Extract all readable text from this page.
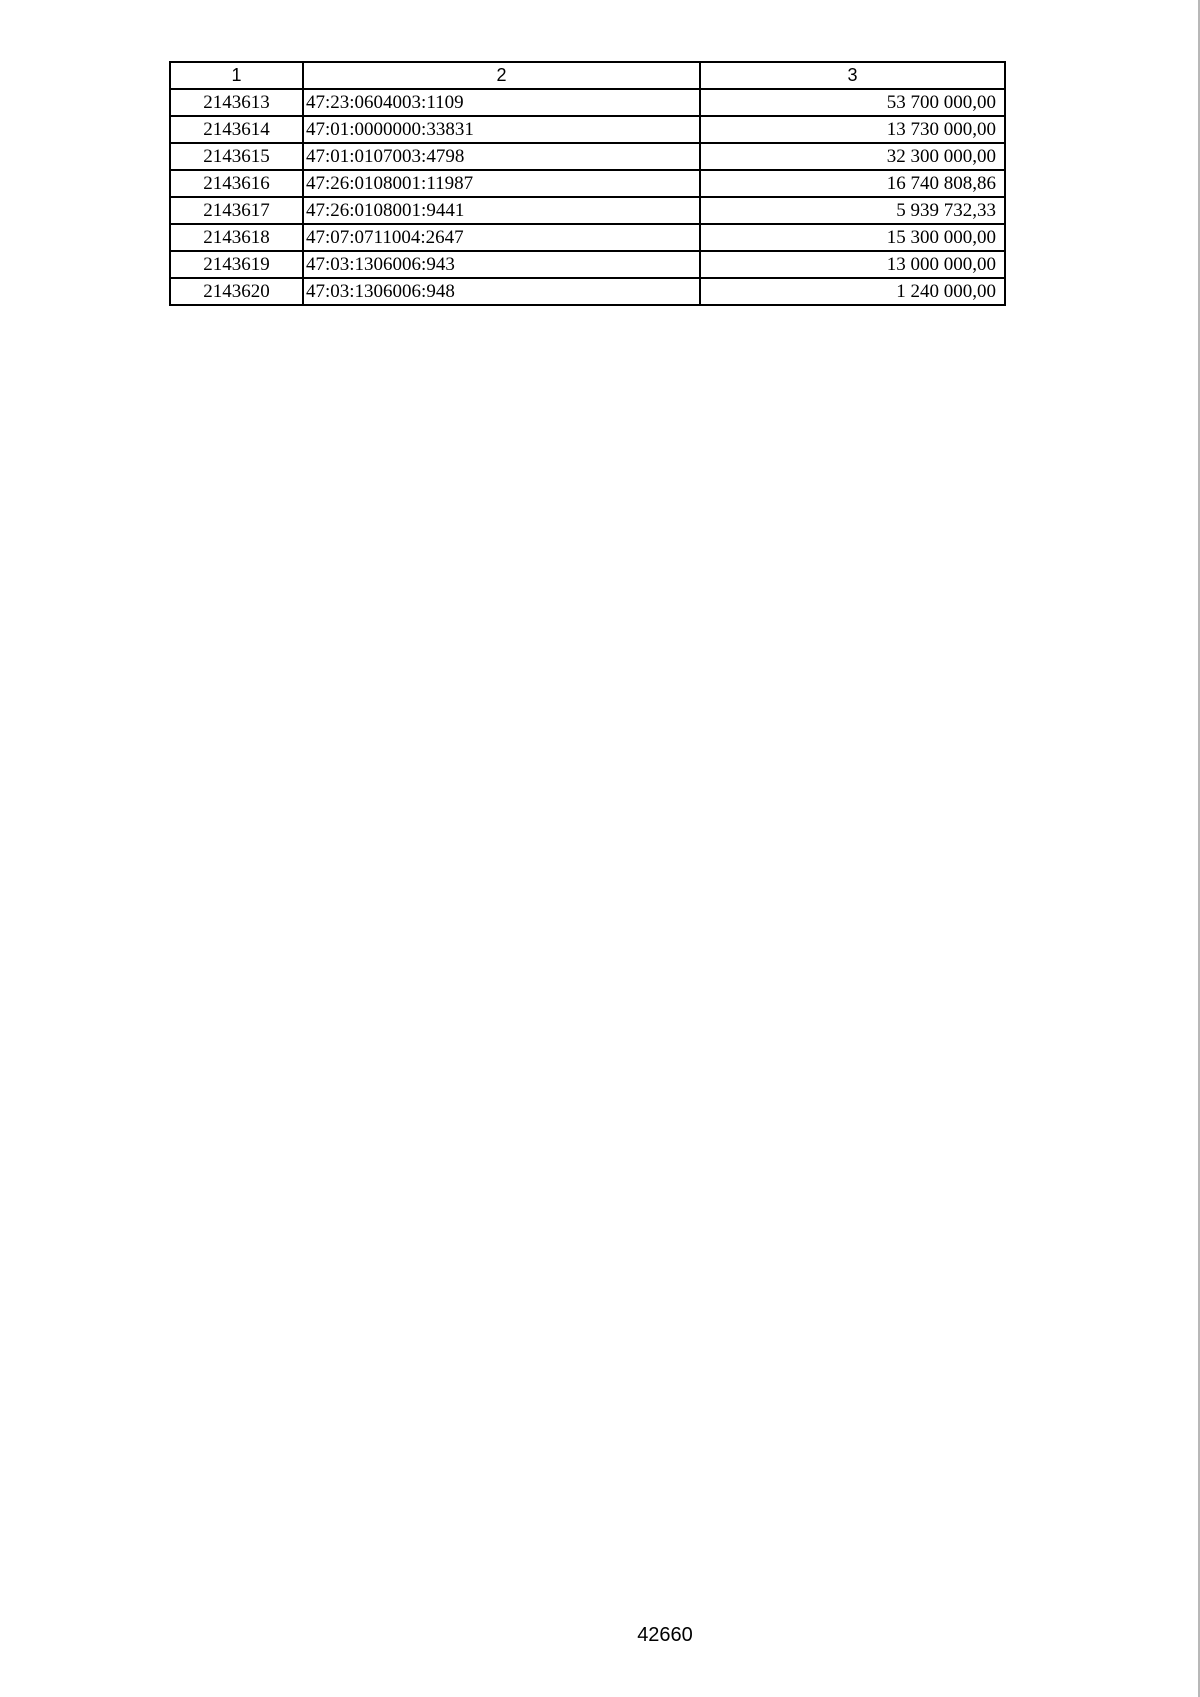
1	2	3
2143613	47:23:0604003:1109	53 700 000,00
2143614	47:01:0000000:33831	13 730 000,00
2143615	47:01:0107003:4798	32 300 000,00
2143616	47:26:0108001:11987	16 740 808,86
2143617	47:26:0108001:9441	5 939 732,33
2143618	47:07:0711004:2647	15 300 000,00
2143619	47:03:1306006:943	13 000 000,00
2143620	47:03:1306006:948	1 240 000,00
42660
